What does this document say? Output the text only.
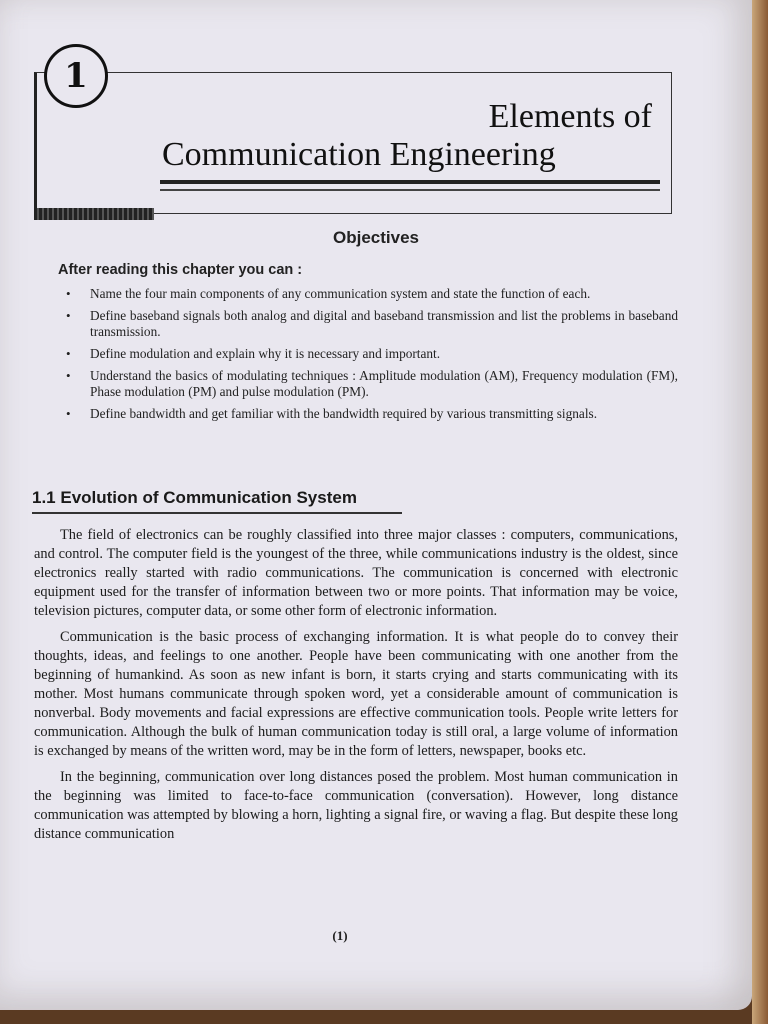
1
Elements of
Communication Engineering
Objectives
After reading this chapter you can :
• Name the four main components of any communication system and state the function of each.
• Define baseband signals both analog and digital and baseband transmission and list the problems in baseband transmission.
• Define modulation and explain why it is necessary and important.
• Understand the basics of modulating techniques : Amplitude modulation (AM), Frequency modulation (FM), Phase modulation (PM) and pulse modulation (PM).
• Define bandwidth and get familiar with the bandwidth required by various transmitting signals.
1.1 Evolution of Communication System

The field of electronics can be roughly classified into three major classes : computers, communications, and control. The computer field is the youngest of the three, while communications industry is the oldest, since electronics really started with radio communications. The communication is concerned with electronic equipment used for the transfer of information between two or more points. That information may be voice, television pictures, computer data, or some other form of electronic information.

Communication is the basic process of exchanging information. It is what people do to convey their thoughts, ideas, and feelings to one another. People have been communicating with one another from the beginning of humankind. As soon as new infant is born, it starts crying and starts communicating with its mother. Most humans communicate through spoken word, yet a considerable amount of communication is nonverbal. Body movements and facial expressions are effective communication tools. People write letters for communication. Although the bulk of human communication today is still oral, a large volume of information is exchanged by means of the written word, may be in the form of letters, newspaper, books etc.

In the beginning, communication over long distances posed the problem. Most human communication in the beginning was limited to face-to-face communication (conversation). However, long distance communication was attempted by blowing a horn, lighting a signal fire, or waving a flag. But despite these long distance communication

(1)
